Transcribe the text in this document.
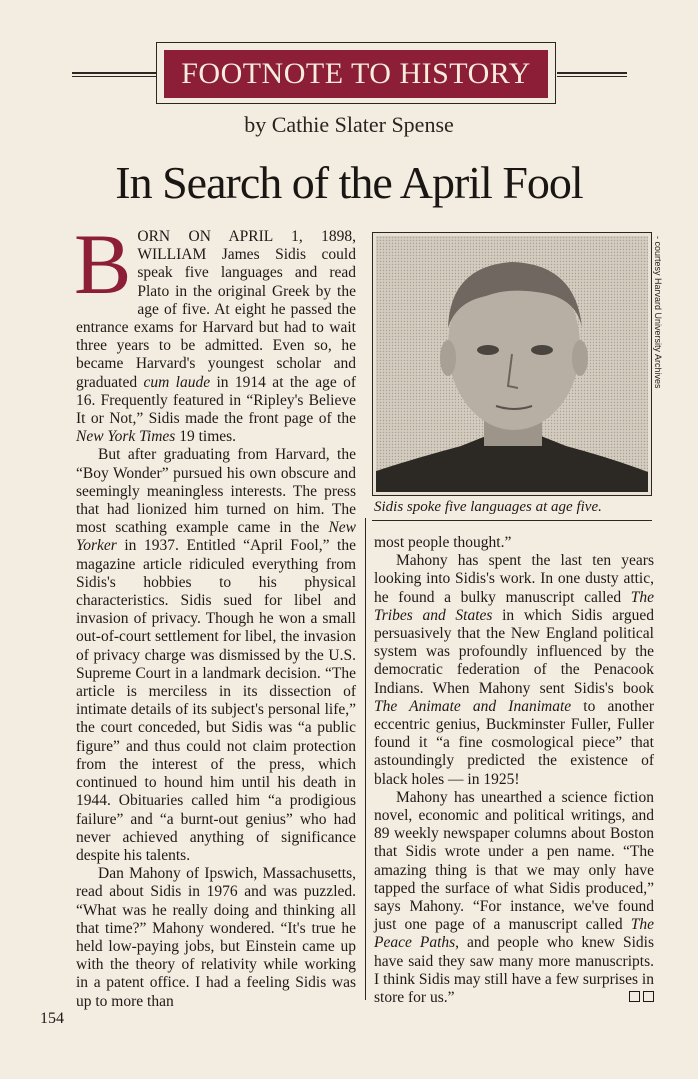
FOOTNOTE TO HISTORY
by Cathie Slater Spense
In Search of the April Fool

BORN ON APRIL 1, 1898, WILLIAM James Sidis could speak five languages and read Plato in the original Greek by the age of five. At eight he passed the entrance exams for Harvard but had to wait three years to be admitted. Even so, he became Harvard's youngest scholar and graduated cum laude in 1914 at the age of 16. Frequently featured in “Ripley's Believe It or Not,” Sidis made the front page of the New York Times 19 times.

But after graduating from Harvard, the “Boy Wonder” pursued his own obscure and seemingly meaningless interests. The press that had lionized him turned on him. The most scathing example came in the New Yorker in 1937. Entitled “April Fool,” the magazine article ridiculed everything from Sidis's hobbies to his physical characteristics. Sidis sued for libel and invasion of privacy. Though he won a small out-of-court settlement for libel, the invasion of privacy charge was dismissed by the U.S. Supreme Court in a landmark decision. “The article is merciless in its dissection of intimate details of its subject's personal life,” the court conceded, but Sidis was “a public figure” and thus could not claim protection from the interest of the press, which continued to hound him until his death in 1944. Obituaries called him “a prodigious failure” and “a burnt-out genius” who had never achieved anything of significance despite his talents.

Dan Mahony of Ipswich, Massachusetts, read about Sidis in 1976 and was puzzled. “What was he really doing and thinking all that time?” Mahony wondered. “It's true he held low-paying jobs, but Einstein came up with the theory of relativity while working in a patent office. I had a feeling Sidis was up to more than

- courtesy Harvard University Archives
Sidis spoke five languages at age five.

most people thought.”

Mahony has spent the last ten years looking into Sidis's work. In one dusty attic, he found a bulky manuscript called The Tribes and States in which Sidis argued persuasively that the New England political system was profoundly influenced by the democratic federation of the Penacook Indians. When Mahony sent Sidis's book The Animate and Inanimate to another eccentric genius, Buckminster Fuller, Fuller found it “a fine cosmological piece” that astoundingly predicted the existence of black holes — in 1925!

Mahony has unearthed a science fiction novel, economic and political writings, and 89 weekly newspaper columns about Boston that Sidis wrote under a pen name. “The amazing thing is that we may only have tapped the surface of what Sidis produced,” says Mahony. “For instance, we've found just one page of a manuscript called The Peace Paths, and people who knew Sidis have said they saw many more manuscripts. I think Sidis may still have a few surprises in store for us.”

154
